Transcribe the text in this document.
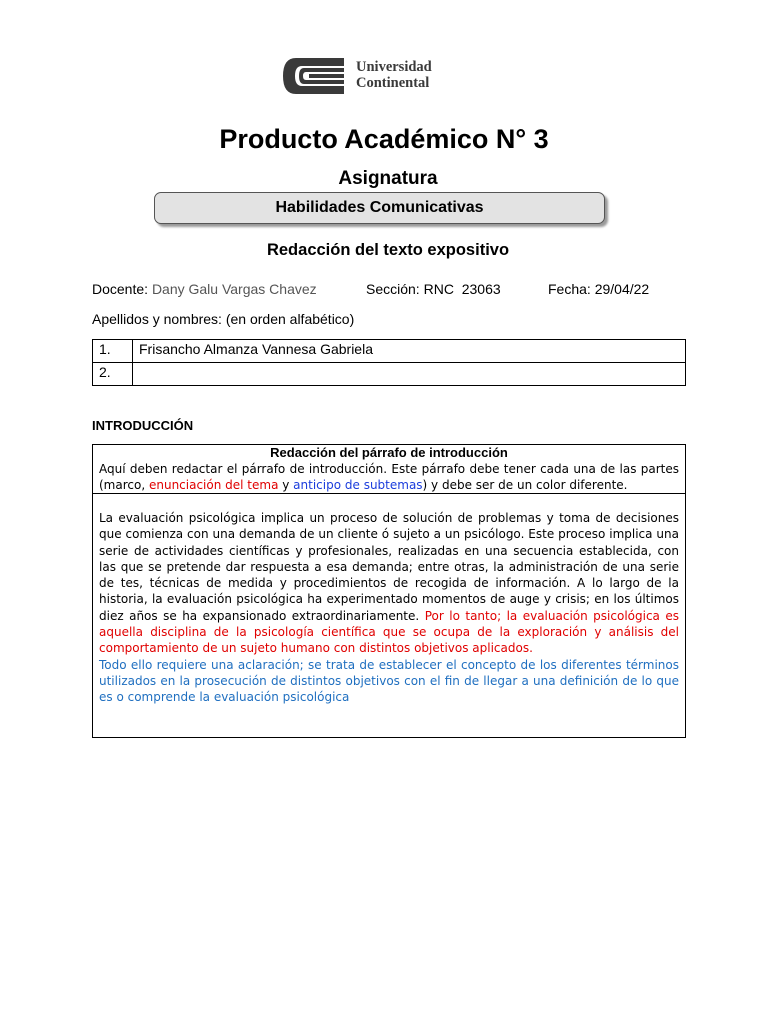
Universidad
Continental
Producto Académico N° 3
Asignatura
Habilidades Comunicativas
Redacción del texto expositivo
Docente: Dany Galu Vargas Chavez	Sección: RNC  23063	Fecha: 29/04/22
Apellidos y nombres: (en orden alfabético)
1.	Frisancho Almanza Vannesa Gabriela
2.	
INTRODUCCIÓN
Redacción del párrafo de introducción
Aquí deben redactar el párrafo de introducción. Este párrafo debe tener cada una de las partes (marco, enunciación del tema y anticipo de subtemas) y debe ser de un color diferente.
La evaluación psicológica implica un proceso de solución de problemas y toma de decisiones que comienza con una demanda de un cliente ó sujeto a un psicólogo. Este proceso implica una serie de actividades científicas y profesionales, realizadas en una secuencia establecida, con las que se pretende dar respuesta a esa demanda; entre otras, la administración de una serie de tes, técnicas de medida y procedimientos de recogida de información. A lo largo de la historia, la evaluación psicológica ha experimentado momentos de auge y crisis; en los últimos diez años se ha expansionado extraordinariamente. Por lo tanto; la evaluación psicológica es aquella disciplina de la psicología científica que se ocupa de la exploración y análisis del comportamiento de un sujeto humano con distintos objetivos aplicados.
Todo ello requiere una aclaración; se trata de establecer el concepto de los diferentes términos utilizados en la prosecución de distintos objetivos con el fin de llegar a una definición de lo que es o comprende la evaluación psicológica
